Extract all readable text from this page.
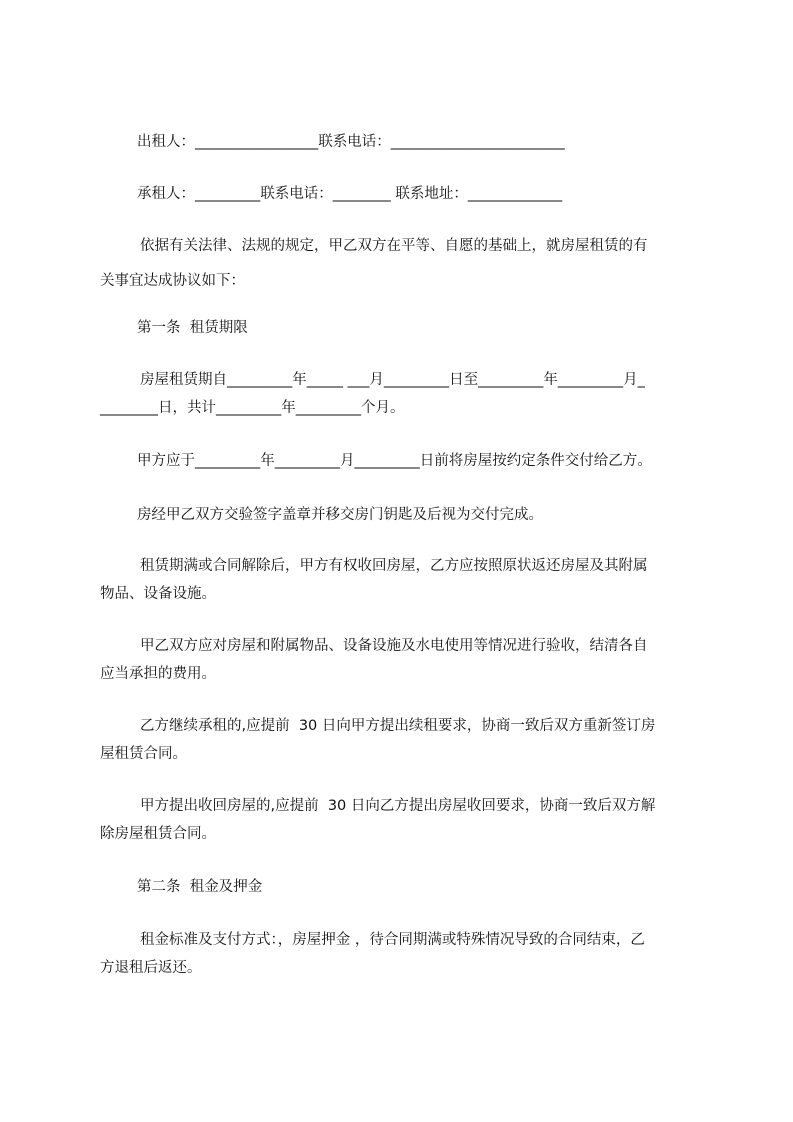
出租人：_________________联系电话：________________________
承租人：_________联系电话：________ 联系地址：_____________
依据有关法律、法规的规定，甲乙双方在平等、自愿的基础上，就房屋租赁的有
关事宜达成协议如下：
第一条  租赁期限
房屋租赁期自_________年_____ ___月_________日至_________年_________月_
________日，共计_________年_________个月。
甲方应于_________年_________月_________日前将房屋按约定条件交付给乙方。
房经甲乙双方交验签字盖章并移交房门钥匙及后视为交付完成。
租赁期满或合同解除后，甲方有权收回房屋，乙方应按照原状返还房屋及其附属
物品、设备设施。
甲乙双方应对房屋和附属物品、设备设施及水电使用等情况进行验收，结清各自
应当承担的费用。
乙方继续承租的,应提前  30 日向甲方提出续租要求，协商一致后双方重新签订房
屋租赁合同。
甲方提出收回房屋的,应提前  30 日向乙方提出房屋收回要求，协商一致后双方解
除房屋租赁合同。
第二条  租金及押金
租金标准及支付方式：，房屋押金 ，待合同期满或特殊情况导致的合同结束，乙
方退租后返还。
